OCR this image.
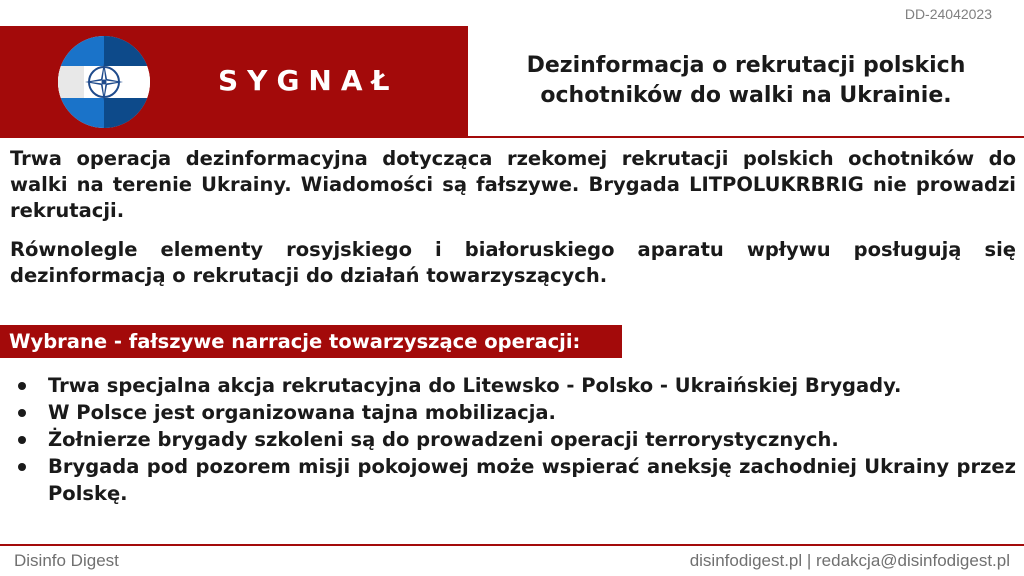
DD-24042023
SYGNAŁ	Dezinformacja o rekrutacji polskich ochotników do walki na Ukrainie.

Trwa operacja dezinformacyjna dotycząca rzekomej rekrutacji polskich ochotników do walki na terenie Ukrainy. Wiadomości są fałszywe. Brygada LITPOLUKRBRIG nie prowadzi rekrutacji.

Równolegle elementy rosyjskiego i białoruskiego aparatu wpływu posługują się dezinformacją o rekrutacji do działań towarzyszących.

Wybrane - fałszywe narracje towarzyszące operacji:
Trwa specjalna akcja rekrutacyjna do Litewsko - Polsko - Ukraińskiej Brygady.
W Polsce jest organizowana tajna mobilizacja.
Żołnierze brygady szkoleni są do prowadzeni operacji terrorystycznych.
Brygada pod pozorem misji pokojowej może wspierać aneksję zachodniej Ukrainy przez Polskę.
Disinfo Digest	disinfodigest.pl | redakcja@disinfodigest.pl
